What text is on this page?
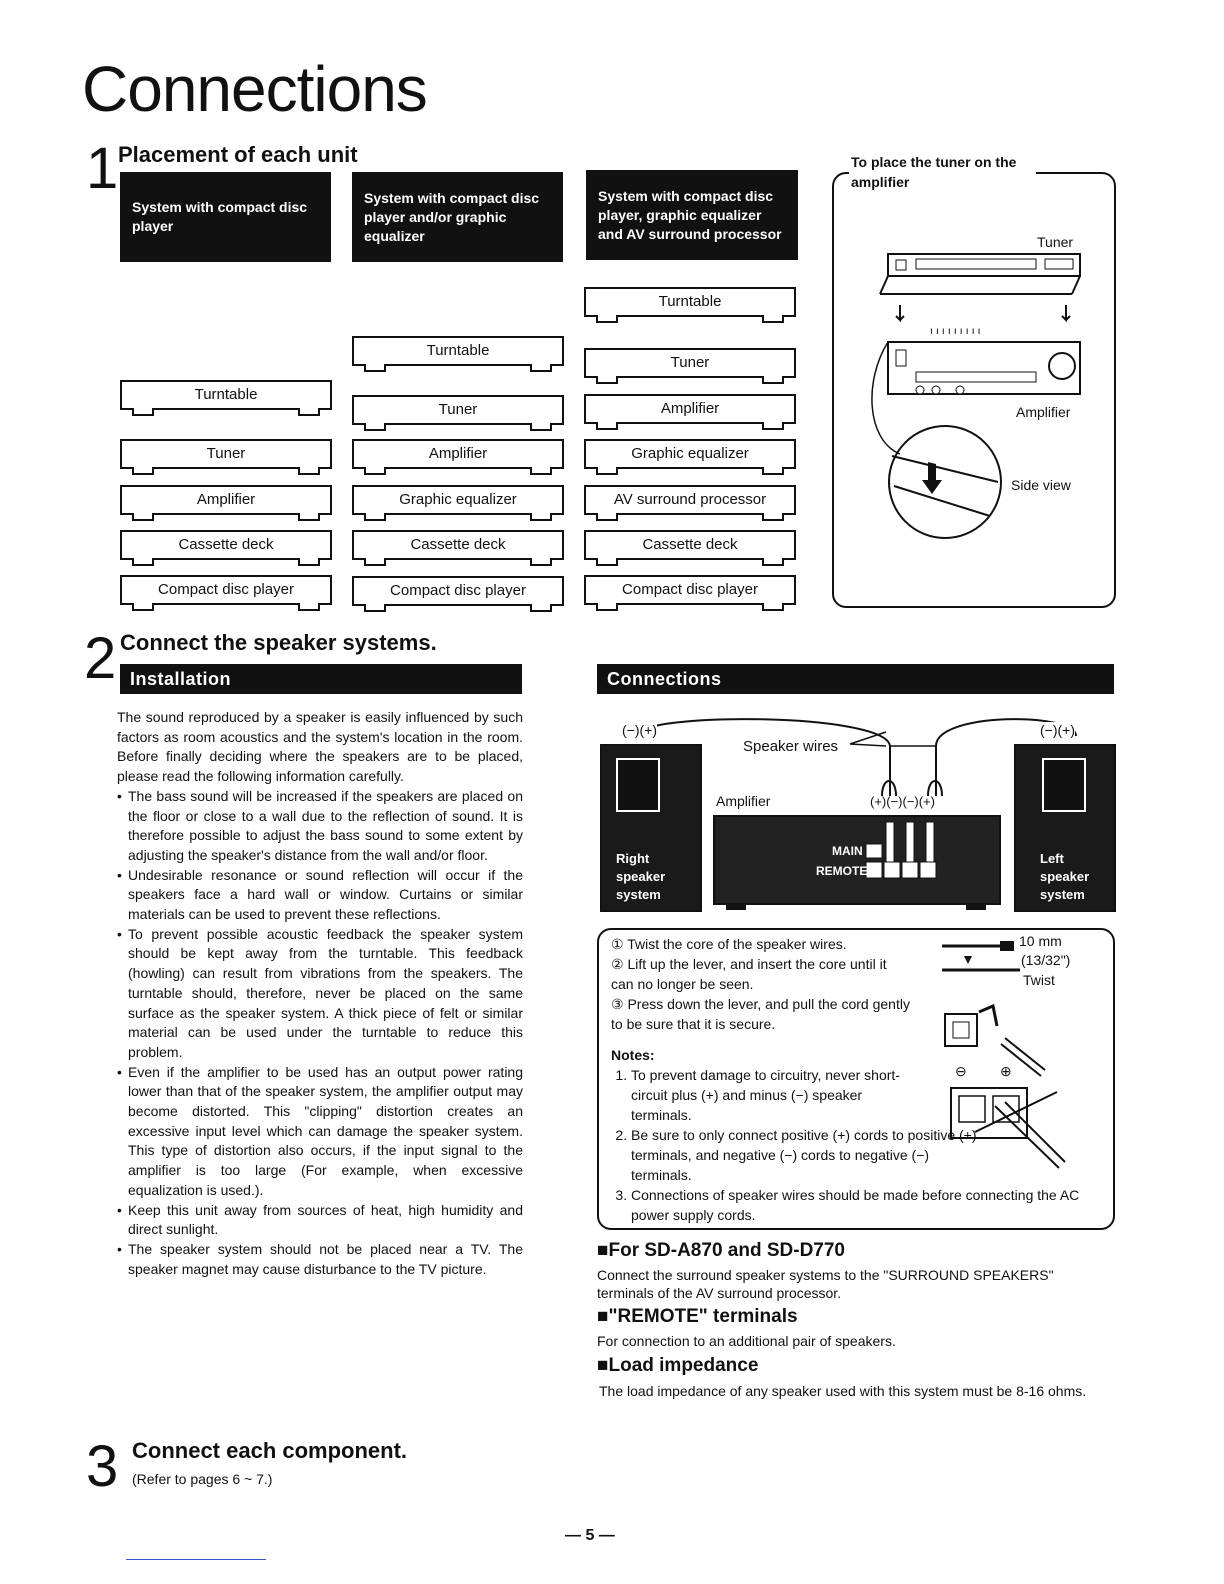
Connections
1 Placement of each unit
System with compact disc player
System with compact disc player and/or graphic equalizer
System with compact disc player, graphic equalizer and AV surround processor
Turntable
Tuner
Amplifier
Cassette deck
Compact disc player
Turntable
Tuner
Amplifier
Graphic equalizer
Cassette deck
Compact disc player
Turntable
Tuner
Amplifier
Graphic equalizer
AV surround processor
Cassette deck
Compact disc player
To place the tuner on the amplifier
Tuner
Amplifier
Side view
ı ı ı ı ı ı ı ı ı
2 Connect the speaker systems.
Installation

The sound reproduced by a speaker is easily influenced by such factors as room acoustics and the system's location in the room. Before finally deciding where the speakers are to be placed, please read the following information carefully.

• The bass sound will be increased if the speakers are placed on the floor or close to a wall due to the reflection of sound. It is therefore possible to adjust the bass sound to some extent by adjusting the speaker's distance from the wall and/or floor.
• Undesirable resonance or sound reflection will occur if the speakers face a hard wall or window. Curtains or similar materials can be used to prevent these reflections.
• To prevent possible acoustic feedback the speaker system should be kept away from the turntable. This feedback (howling) can result from vibrations from the speakers. The turntable should, therefore, never be placed on the same surface as the speaker system. A thick piece of felt or similar material can be used under the turntable to reduce this problem.
• Even if the amplifier to be used has an output power rating lower than that of the speaker system, the amplifier output may become distorted. This "clipping" distortion creates an excessive input level which can damage the speaker system. This type of distortion also occurs, if the input signal to the amplifier is too large (For example, when excessive equalization is used.).
• Keep this unit away from sources of heat, high humidity and direct sunlight.
• The speaker system should not be placed near a TV. The speaker magnet may cause disturbance to the TV picture.
Connections
Right speaker system
Left speaker system
(−)(+)	(−)(+)
Speaker wires
Amplifier	(+)(−)(−)(+)
MAIN
REMOTE
① Twist the core of the speaker wires.
② Lift up the lever, and insert the core until it can no longer be seen.
③ Press down the lever, and pull the cord gently to be sure that it is secure.
10 mm
(13/32")
Twist
⊖ ⊕
Notes:
1. To prevent damage to circuitry, never short-circuit plus (+) and minus (−) speaker terminals.
2. Be sure to only connect positive (+) cords to positive (+) terminals, and negative (−) cords to negative (−) terminals.
3. Connections of speaker wires should be made before connecting the AC power supply cords.
■For SD-A870 and SD-D770
Connect the surround speaker systems to the "SURROUND SPEAKERS" terminals of the AV surround processor.
■"REMOTE" terminals
For connection to an additional pair of speakers.
■Load impedance
The load impedance of any speaker used with this system must be 8-16 ohms.
3 Connect each component.
(Refer to pages 6 ~ 7.)
— 5 —
